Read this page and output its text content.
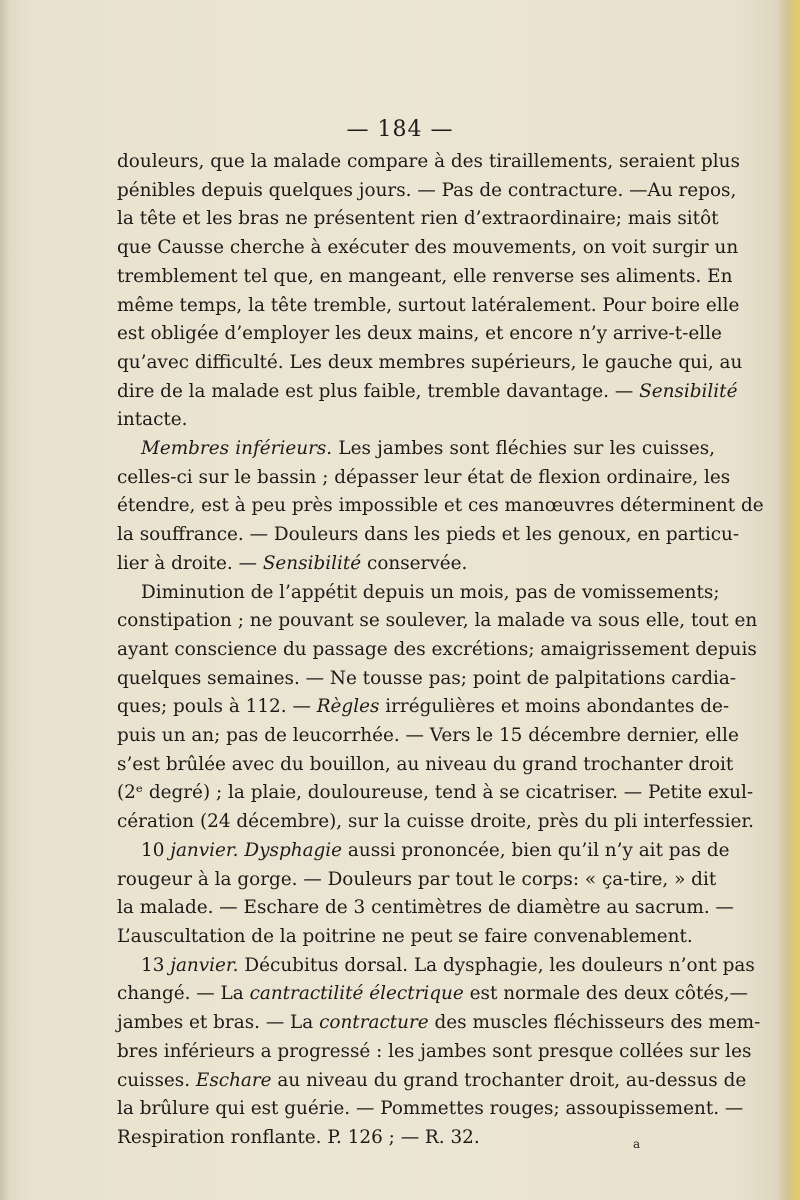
— 184 —
douleurs, que la malade compare à des tiraillements, seraient plus
pénibles depuis quelques jours. — Pas de contracture. —Au repos,
la tête et les bras ne présentent rien d’extraordinaire; mais sitôt
que Causse cherche à exécuter des mouvements, on voit surgir un
tremblement tel que, en mangeant, elle renverse ses aliments. En
même temps, la tête tremble, surtout latéralement. Pour boire elle
est obligée d’employer les deux mains, et encore n’y arrive-t-elle
qu’avec difficulté. Les deux membres supérieurs, le gauche qui, au
dire de la malade est plus faible, tremble davantage. — Sensibilité
intacte.
Membres inférieurs. Les jambes sont fléchies sur les cuisses,
celles-ci sur le bassin ; dépasser leur état de flexion ordinaire, les
étendre, est à peu près impossible et ces manœuvres déterminent de
la souffrance. — Douleurs dans les pieds et les genoux, en particu-
lier à droite. — Sensibilité conservée.
Diminution de l’appétit depuis un mois, pas de vomissements;
constipation ; ne pouvant se soulever, la malade va sous elle, tout en
ayant conscience du passage des excrétions; amaigrissement depuis
quelques semaines. — Ne tousse pas; point de palpitations cardia-
ques; pouls à 112. — Règles irrégulières et moins abondantes de-
puis un an; pas de leucorrhée. — Vers le 15 décembre dernier, elle
s’est brûlée avec du bouillon, au niveau du grand trochanter droit
(2ᵉ degré) ; la plaie, douloureuse, tend à se cicatriser. — Petite exul-
cération (24 décembre), sur la cuisse droite, près du pli interfessier.
10 janvier. Dysphagie aussi prononcée, bien qu’il n’y ait pas de
rougeur à la gorge. — Douleurs par tout le corps: « ça-tire, » dit
la malade. — Eschare de 3 centimètres de diamètre au sacrum. —
L’auscultation de la poitrine ne peut se faire convenablement.
13 janvier. Décubitus dorsal. La dysphagie, les douleurs n’ont pas
changé. — La cantractilité électrique est normale des deux côtés,—
jambes et bras. — La contracture des muscles fléchisseurs des mem-
bres inférieurs a progressé : les jambes sont presque collées sur les
cuisses. Eschare au niveau du grand trochanter droit, au-dessus de
la brûlure qui est guérie. — Pommettes rouges; assoupissement. —
Respiration ronflante. P. 126 ; — R. 32.	a
